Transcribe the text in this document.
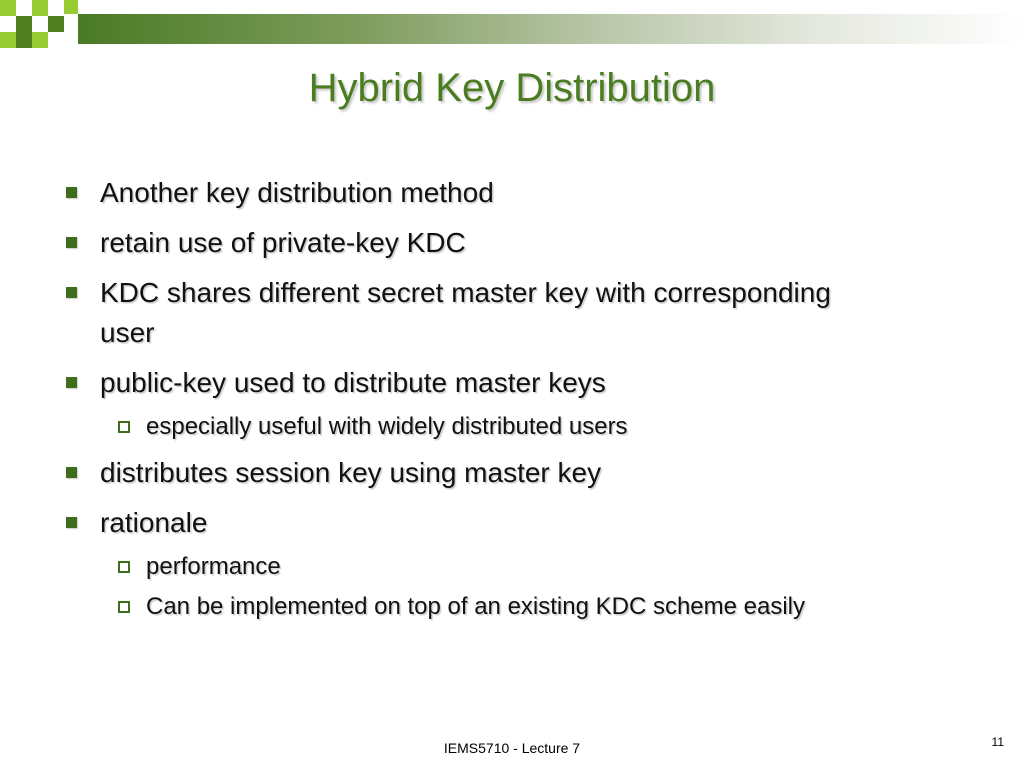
Hybrid Key Distribution
Another key distribution method
retain use of private-key KDC
KDC shares different secret master key with corresponding user
public-key used to distribute master keys
especially useful with widely distributed users
distributes session key using master key
rationale
performance
Can be implemented on top of an existing KDC scheme easily
IEMS5710 - Lecture 7	11
